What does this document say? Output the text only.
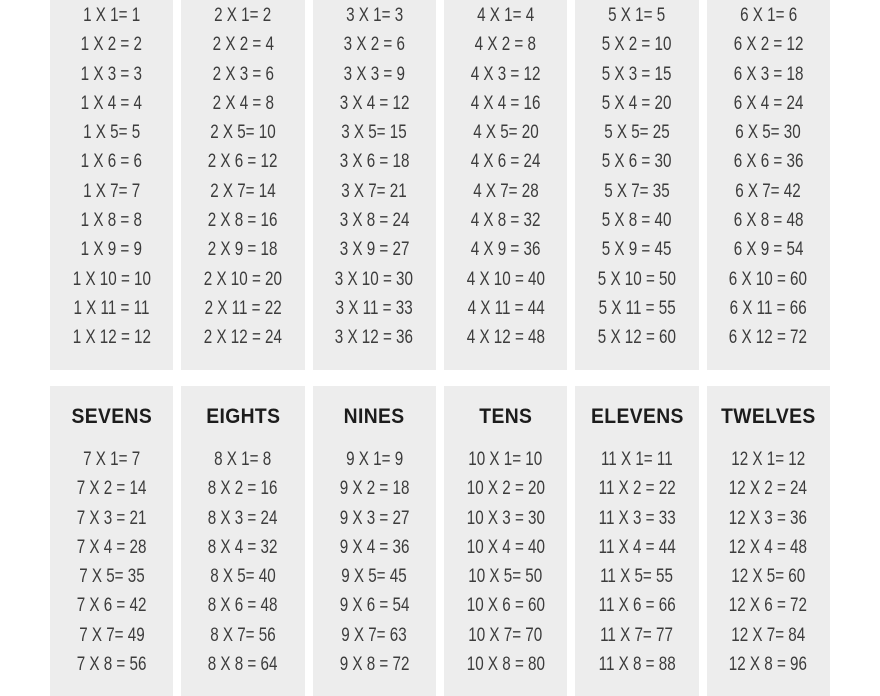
1 X 1= 1
1 X 2 = 2
1 X 3 = 3
1 X 4 = 4
1 X 5= 5
1 X 6 = 6
1 X 7= 7
1 X 8 = 8
1 X 9 = 9
1 X 10 = 10
1 X 11 = 11
1 X 12 = 12
2 X 1= 2
2 X 2 = 4
2 X 3 = 6
2 X 4 = 8
2 X 5= 10
2 X 6 = 12
2 X 7= 14
2 X 8 = 16
2 X 9 = 18
2 X 10 = 20
2 X 11 = 22
2 X 12 = 24
3 X 1= 3
3 X 2 = 6
3 X 3 = 9
3 X 4 = 12
3 X 5= 15
3 X 6 = 18
3 X 7= 21
3 X 8 = 24
3 X 9 = 27
3 X 10 = 30
3 X 11 = 33
3 X 12 = 36
4 X 1= 4
4 X 2 = 8
4 X 3 = 12
4 X 4 = 16
4 X 5= 20
4 X 6 = 24
4 X 7= 28
4 X 8 = 32
4 X 9 = 36
4 X 10 = 40
4 X 11 = 44
4 X 12 = 48
5 X 1= 5
5 X 2 = 10
5 X 3 = 15
5 X 4 = 20
5 X 5= 25
5 X 6 = 30
5 X 7= 35
5 X 8 = 40
5 X 9 = 45
5 X 10 = 50
5 X 11 = 55
5 X 12 = 60
6 X 1= 6
6 X 2 = 12
6 X 3 = 18
6 X 4 = 24
6 X 5= 30
6 X 6 = 36
6 X 7= 42
6 X 8 = 48
6 X 9 = 54
6 X 10 = 60
6 X 11 = 66
6 X 12 = 72
SEVENS
7 X 1= 7
7 X 2 = 14
7 X 3 = 21
7 X 4 = 28
7 X 5= 35
7 X 6 = 42
7 X 7= 49
7 X 8 = 56
EIGHTS
8 X 1= 8
8 X 2 = 16
8 X 3 = 24
8 X 4 = 32
8 X 5= 40
8 X 6 = 48
8 X 7= 56
8 X 8 = 64
NINES
9 X 1= 9
9 X 2 = 18
9 X 3 = 27
9 X 4 = 36
9 X 5= 45
9 X 6 = 54
9 X 7= 63
9 X 8 = 72
TENS
10 X 1= 10
10 X 2 = 20
10 X 3 = 30
10 X 4 = 40
10 X 5= 50
10 X 6 = 60
10 X 7= 70
10 X 8 = 80
ELEVENS
11 X 1= 11
11 X 2 = 22
11 X 3 = 33
11 X 4 = 44
11 X 5= 55
11 X 6 = 66
11 X 7= 77
11 X 8 = 88
TWELVES
12 X 1= 12
12 X 2 = 24
12 X 3 = 36
12 X 4 = 48
12 X 5= 60
12 X 6 = 72
12 X 7= 84
12 X 8 = 96
